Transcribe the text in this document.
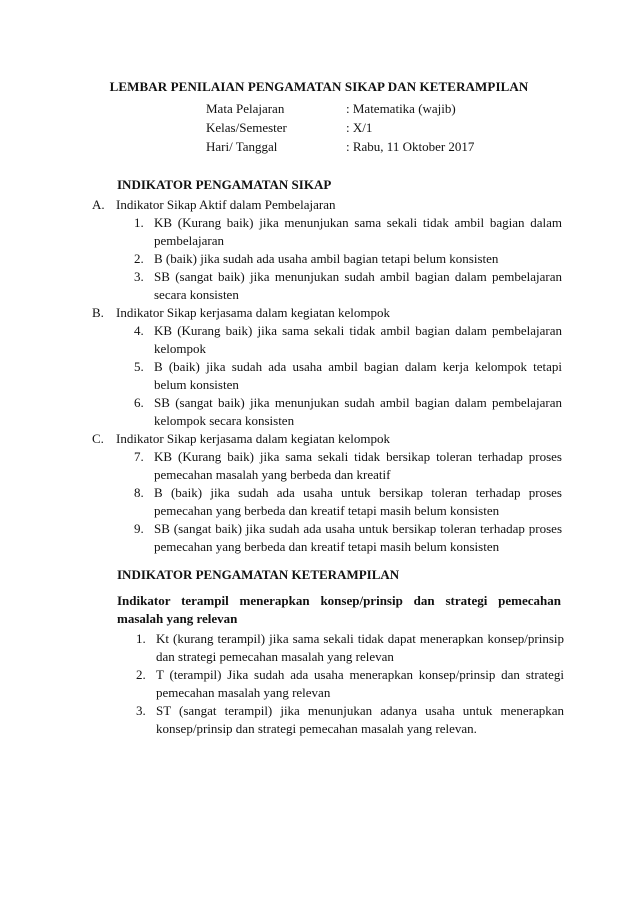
LEMBAR PENILAIAN PENGAMATAN SIKAP DAN KETERAMPILAN
Mata Pelajaran	: Matematika (wajib)
Kelas/Semester	: X/1
Hari/ Tanggal	: Rabu, 11 Oktober 2017
INDIKATOR PENGAMATAN SIKAP
A. Indikator Sikap Aktif dalam Pembelajaran
1. KB (Kurang baik) jika menunjukan sama sekali tidak ambil bagian dalam pembelajaran
2. B (baik) jika sudah ada usaha ambil bagian tetapi belum konsisten
3. SB (sangat baik) jika menunjukan sudah ambil bagian dalam pembelajaran secara konsisten
B. Indikator Sikap kerjasama dalam kegiatan kelompok
4. KB (Kurang baik) jika sama sekali tidak ambil bagian dalam pembelajaran kelompok
5. B (baik) jika sudah ada usaha ambil bagian dalam kerja kelompok tetapi belum konsisten
6. SB (sangat baik) jika menunjukan sudah ambil bagian dalam pembelajaran kelompok secara konsisten
C. Indikator Sikap kerjasama dalam kegiatan kelompok
7. KB (Kurang baik) jika sama sekali tidak bersikap toleran terhadap proses pemecahan masalah yang berbeda dan kreatif
8. B (baik) jika sudah ada usaha untuk bersikap toleran terhadap proses pemecahan yang berbeda dan kreatif tetapi masih belum konsisten
9. SB (sangat baik) jika sudah ada usaha untuk bersikap toleran terhadap proses pemecahan yang berbeda dan kreatif tetapi masih belum konsisten
INDIKATOR PENGAMATAN KETERAMPILAN
Indikator terampil menerapkan konsep/prinsip dan strategi pemecahan masalah yang relevan
1. Kt (kurang terampil) jika sama sekali tidak dapat menerapkan konsep/prinsip dan strategi pemecahan masalah yang relevan
2. T (terampil) Jika sudah ada usaha menerapkan konsep/prinsip dan strategi pemecahan masalah yang relevan
3. ST (sangat terampil) jika menunjukan adanya usaha untuk menerapkan konsep/prinsip dan strategi pemecahan masalah yang relevan.
